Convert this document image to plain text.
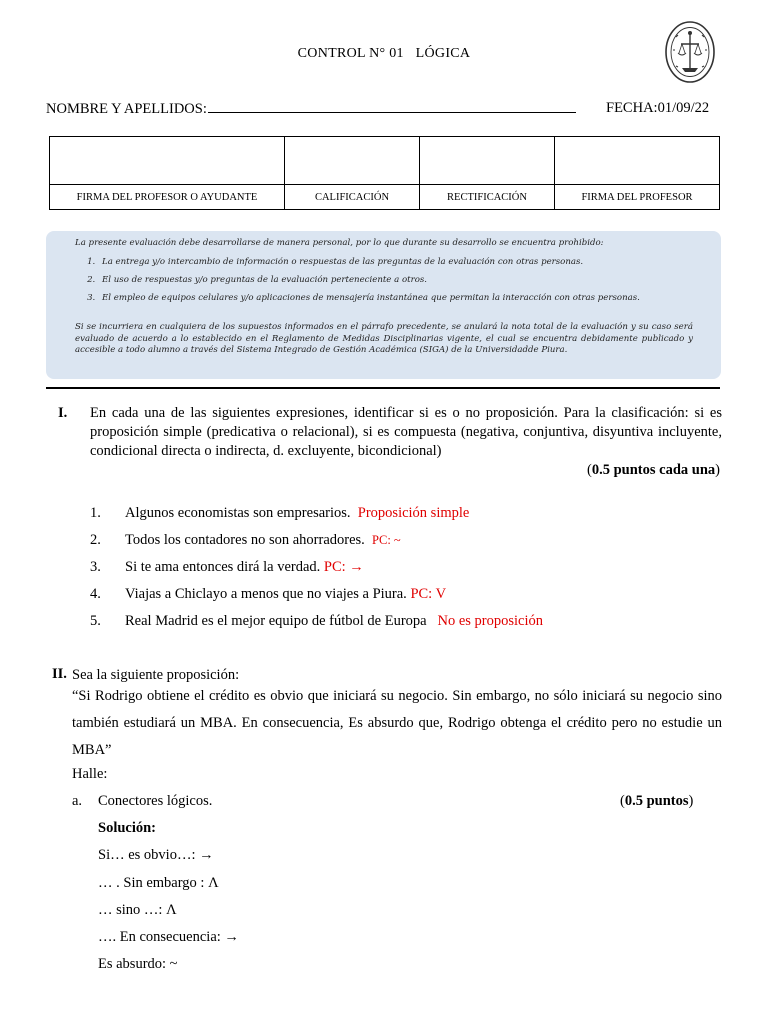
CONTROL N° 01 LÓGICA
NOMBRE Y APELLIDOS:	FECHA:01/09/22

FIRMA DEL PROFESOR O AYUDANTE	CALIFICACIÓN	RECTIFICACIÓN	FIRMA DEL PROFESOR
La presente evaluación debe desarrollarse de manera personal, por lo que durante su desarrollo se encuentra prohibido:
1. La entrega y/o intercambio de información o respuestas de las preguntas de la evaluación con otras personas.
2. El uso de respuestas y/o preguntas de la evaluación perteneciente a otros.
3. El empleo de equipos celulares y/o aplicaciones de mensajería instantánea que permitan la interacción con otras personas.
Si se incurriera en cualquiera de los supuestos informados en el párrafo precedente, se anulará la nota total de la evaluación y su caso será evaluado de acuerdo a lo establecido en el Reglamento de Medidas Disciplinarias vigente, el cual se encuentra debidamente publicado y accesible a todo alumno a través del Sistema Integrado de Gestión Académica (SIGA) de la Universidadde Piura.
I. En cada una de las siguientes expresiones, identificar si es o no proposición. Para la clasificación: si es proposición simple (predicativa o relacional), si es compuesta (negativa, conjuntiva, disyuntiva incluyente, condicional directa o indirecta, d. excluyente, bicondicional)
(0.5 puntos cada una)
1. Algunos economistas son empresarios. Proposición simple
2. Todos los contadores no son ahorradores. PC: ~
3. Si te ama entonces dirá la verdad. PC: →
4. Viajas a Chiclayo a menos que no viajes a Piura. PC: V
5. Real Madrid es el mejor equipo de fútbol de Europa No es proposición
II. Sea la siguiente proposición:
“Si Rodrigo obtiene el crédito es obvio que iniciará su negocio. Sin embargo, no sólo iniciará su negocio sino también estudiará un MBA. En consecuencia, Es absurdo que, Rodrigo obtenga el crédito pero no estudie un MBA”
Halle:
a. Conectores lógicos.	(0.5 puntos)
Solución:
Si… es obvio…: →
… . Sin embargo : Λ
… sino …: Λ
…. En consecuencia: →
Es absurdo: ~
